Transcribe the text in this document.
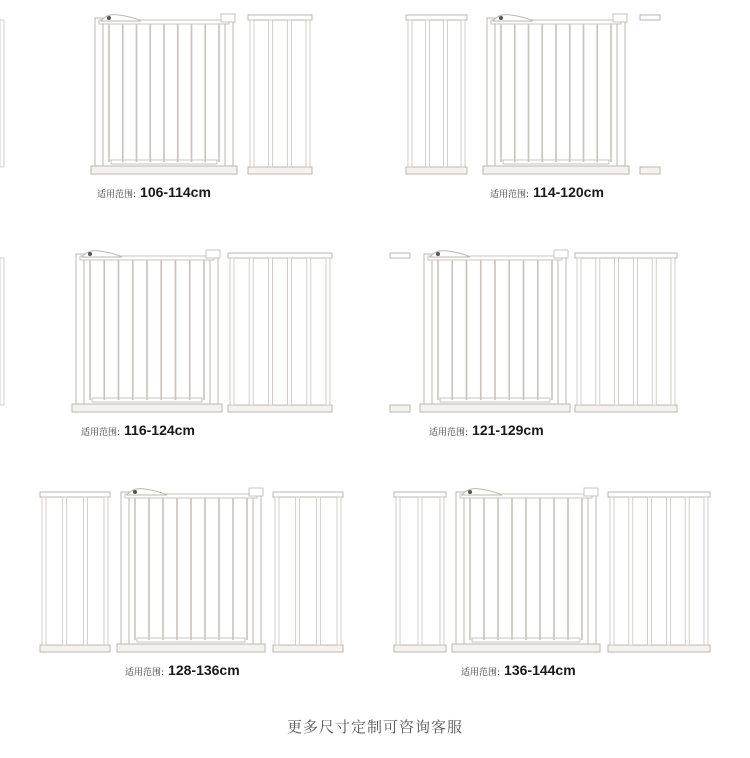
适用范围: 106-114cm	适用范围: 114-120cm
适用范围: 116-124cm	适用范围: 121-129cm
适用范围: 128-136cm	适用范围: 136-144cm
更多尺寸定制可咨询客服
